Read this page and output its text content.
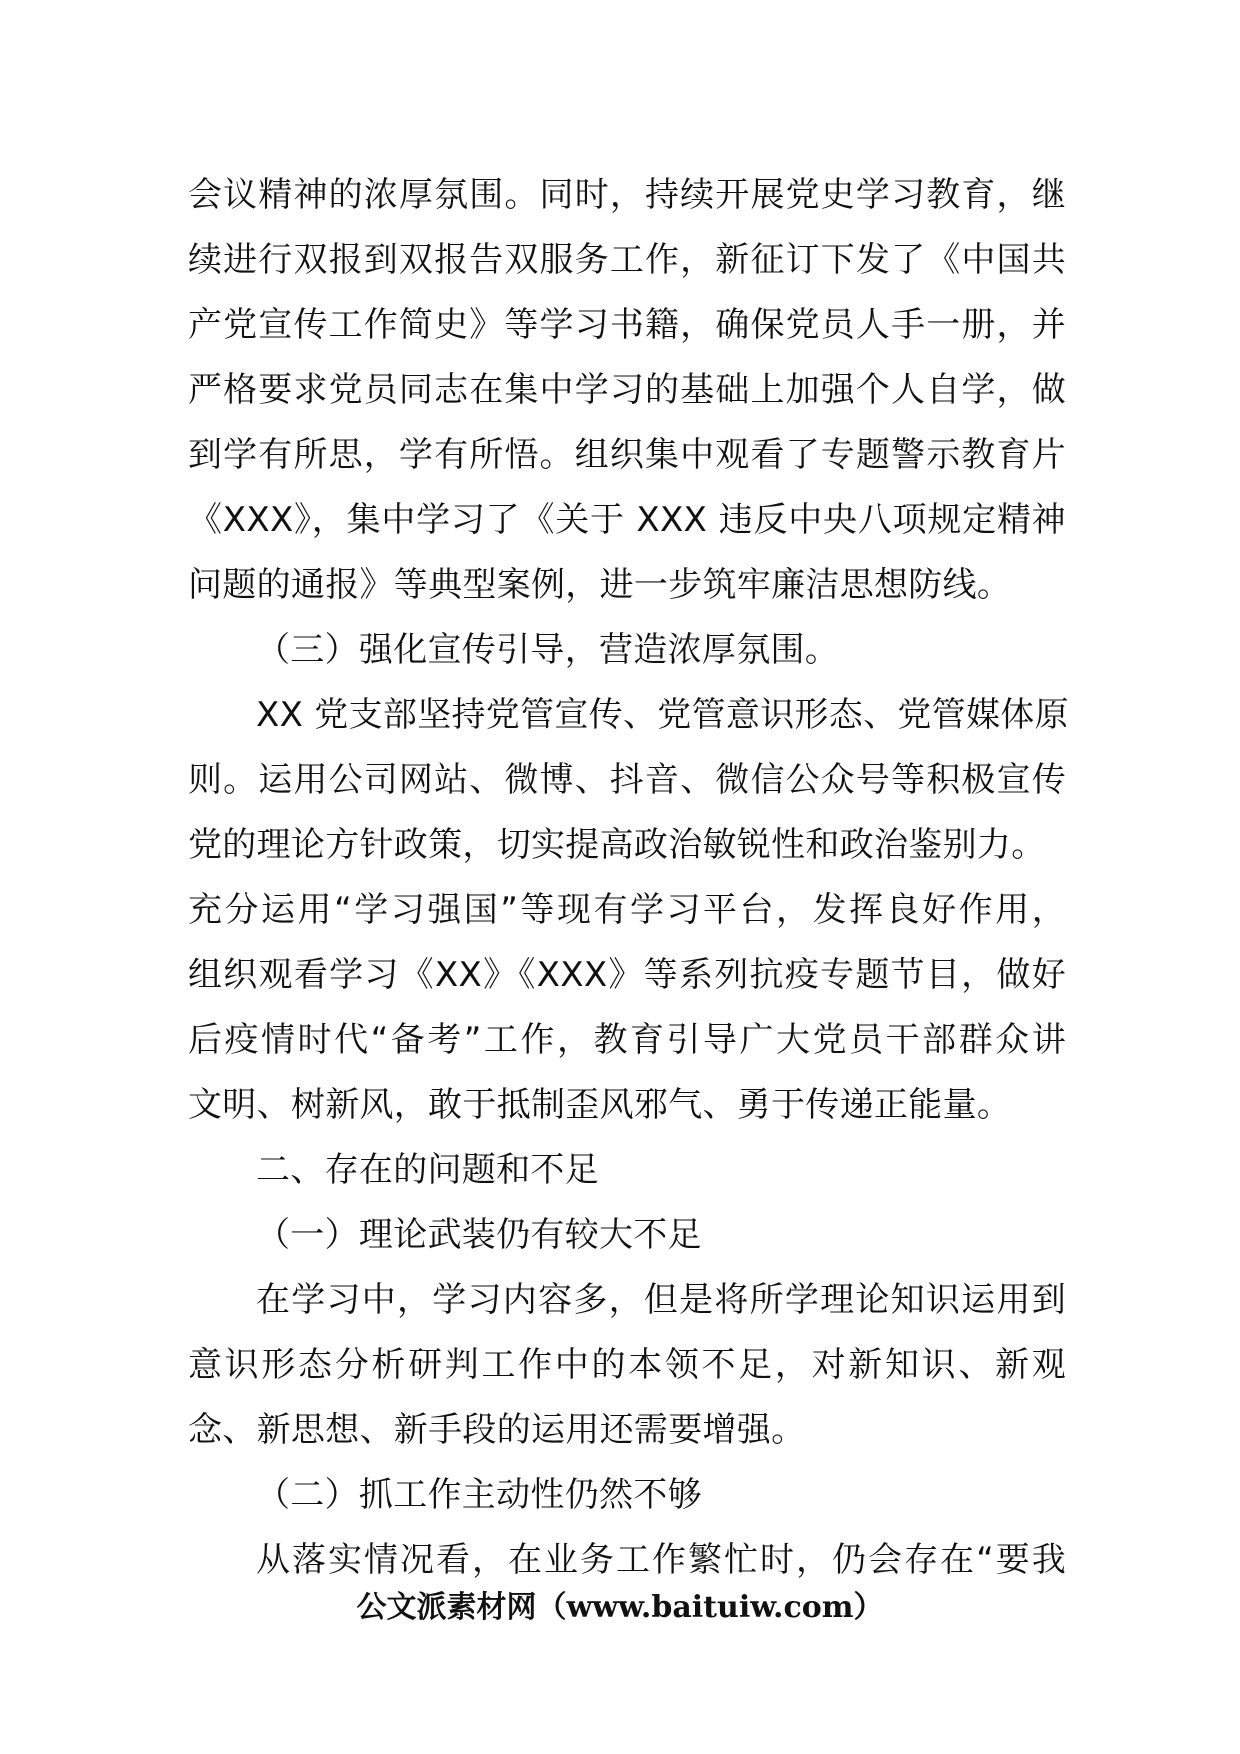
会议精神的浓厚氛围。同时，持续开展党史学习教育，继
续进行双报到双报告双服务工作，新征订下发了《中国共
产党宣传工作简史》等学习书籍，确保党员人手一册，并
严格要求党员同志在集中学习的基础上加强个人自学，做
到学有所思，学有所悟。组织集中观看了专题警示教育片
《XXX》，集中学习了《关于 XXX 违反中央八项规定精神
问题的通报》等典型案例，进一步筑牢廉洁思想防线。
（三）强化宣传引导，营造浓厚氛围。
XX 党支部坚持党管宣传、党管意识形态、党管媒体原
则。运用公司网站、微博、抖音、微信公众号等积极宣传
党的理论方针政策，切实提高政治敏锐性和政治鉴别力。
充分运用“学习强国”等现有学习平台，发挥良好作用，
组织观看学习《XX》《XXX》等系列抗疫专题节目，做好
后疫情时代“备考”工作，教育引导广大党员干部群众讲
文明、树新风，敢于抵制歪风邪气、勇于传递正能量。
二、存在的问题和不足
（一）理论武装仍有较大不足
在学习中，学习内容多，但是将所学理论知识运用到
意识形态分析研判工作中的本领不足，对新知识、新观
念、新思想、新手段的运用还需要增强。
（二）抓工作主动性仍然不够
从落实情况看，在业务工作繁忙时，仍会存在“要我
公文派素材网（www.baituiw.com）
